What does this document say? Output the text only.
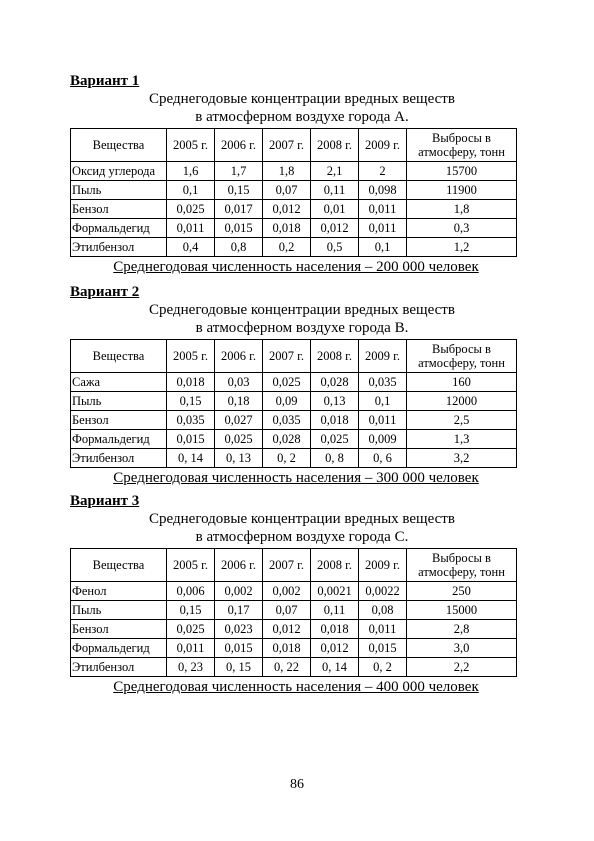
Вариант 1
Среднегодовые концентрации вредных веществ
в атмосферном воздухе города А.
Вещества	2005 г.	2006 г.	2007 г.	2008 г.	2009 г.	Выбросы в атмосферу, тонн
Оксид углерода	1,6	1,7	1,8	2,1	2	15700
Пыль	0,1	0,15	0,07	0,11	0,098	11900
Бензол	0,025	0,017	0,012	0,01	0,011	1,8
Формальдегид	0,011	0,015	0,018	0,012	0,011	0,3
Этилбензол	0,4	0,8	0,2	0,5	0,1	1,2
Среднегодовая численность населения – 200 000 человек
Вариант 2
Среднегодовые концентрации вредных веществ
в атмосферном воздухе города В.
Вещества	2005 г.	2006 г.	2007 г.	2008 г.	2009 г.	Выбросы в атмосферу, тонн
Сажа	0,018	0,03	0,025	0,028	0,035	160
Пыль	0,15	0,18	0,09	0,13	0,1	12000
Бензол	0,035	0,027	0,035	0,018	0,011	2,5
Формальдегид	0,015	0,025	0,028	0,025	0,009	1,3
Этилбензол	0, 14	0, 13	0, 2	0, 8	0, 6	3,2
Среднегодовая численность населения – 300 000 человек
Вариант 3
Среднегодовые концентрации вредных веществ
в атмосферном воздухе города С.
Вещества	2005 г.	2006 г.	2007 г.	2008 г.	2009 г.	Выбросы в атмосферу, тонн
Фенол	0,006	0,002	0,002	0,0021	0,0022	250
Пыль	0,15	0,17	0,07	0,11	0,08	15000
Бензол	0,025	0,023	0,012	0,018	0,011	2,8
Формальдегид	0,011	0,015	0,018	0,012	0,015	3,0
Этилбензол	0, 23	0, 15	0, 22	0, 14	0, 2	2,2
Среднегодовая численность населения – 400 000 человек
86
